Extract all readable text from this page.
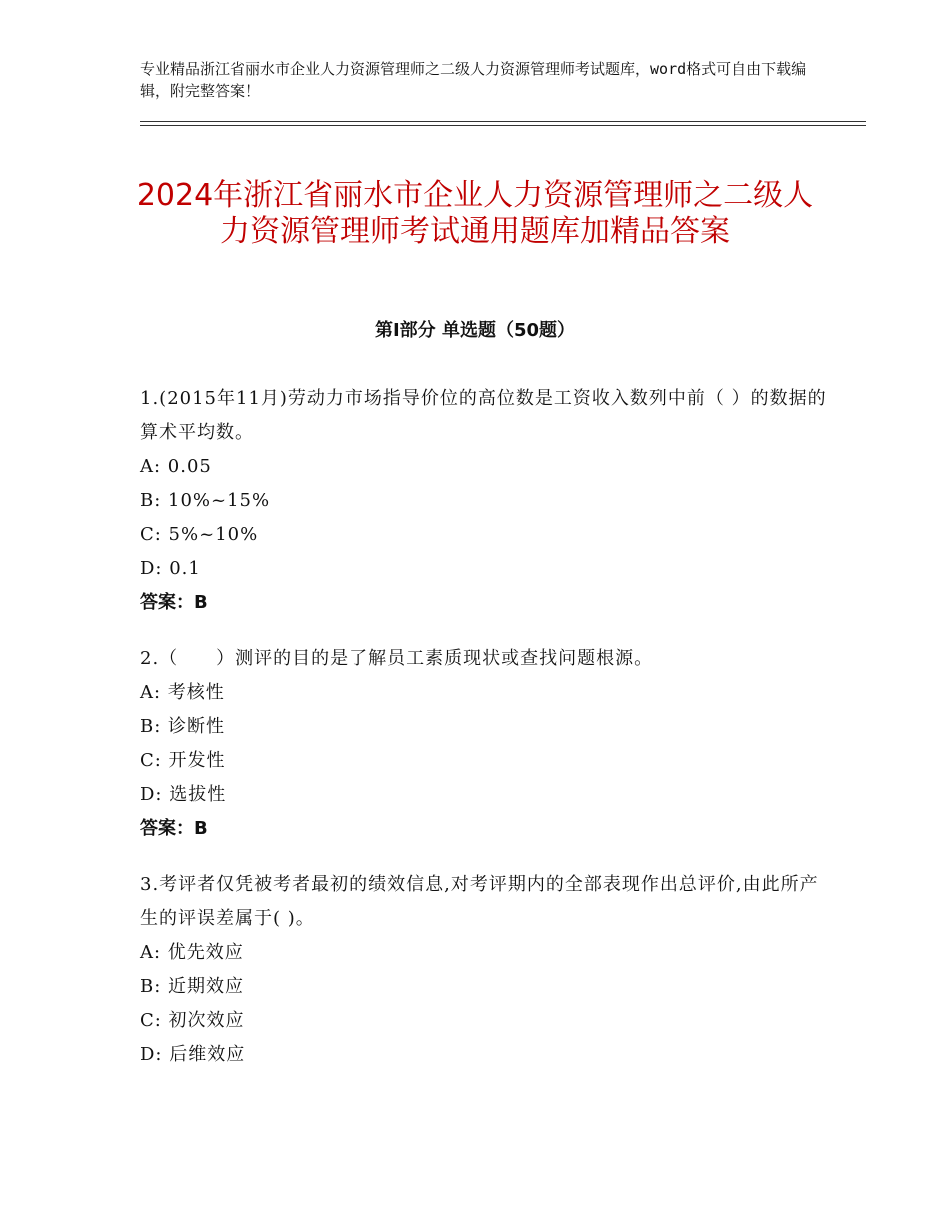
专业精品浙江省丽水市企业人力资源管理师之二级人力资源管理师考试题库，word格式可自由下载编辑，附完整答案！
2024年浙江省丽水市企业人力资源管理师之二级人力资源管理师考试通用题库加精品答案
第Ⅰ部分 单选题（50题）
1.(2015年11月)劳动力市场指导价位的高位数是工资收入数列中前（ ）的数据的算术平均数。
A: 0.05
B: 10%~15%
C: 5%~10%
D: 0.1
答案：B
2.（　　）测评的目的是了解员工素质现状或查找问题根源。
A: 考核性
B: 诊断性
C: 开发性
D: 选拔性
答案：B
3.考评者仅凭被考者最初的绩效信息,对考评期内的全部表现作出总评价,由此所产生的评误差属于( )。
A: 优先效应
B: 近期效应
C: 初次效应
D: 后维效应
